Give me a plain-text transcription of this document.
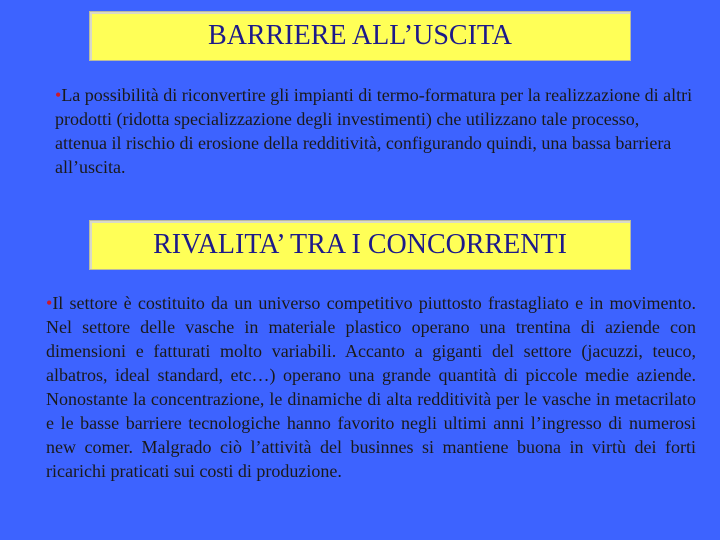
BARRIERE ALL’USCITA

•La possibilità di riconvertire gli impianti di termo-formatura per la realizzazione di altri prodotti (ridotta specializzazione degli investimenti) che utilizzano tale processo, attenua il rischio di erosione della redditività, configurando quindi, una bassa barriera all’uscita.

RIVALITA’ TRA I CONCORRENTI

•Il settore è costituito da un universo competitivo piuttosto frastagliato e in movimento. Nel settore delle vasche in materiale plastico operano una trentina di aziende con dimensioni e fatturati molto variabili. Accanto a giganti del settore (jacuzzi, teuco, albatros, ideal standard, etc…) operano una grande quantità di piccole medie aziende. Nonostante la concentrazione, le dinamiche di alta redditività per le vasche in metacrilato e le basse barriere tecnologiche hanno favorito negli ultimi anni l’ingresso di numerosi new comer. Malgrado ciò l’attività del businnes si mantiene buona in virtù dei forti ricarichi praticati sui costi di produzione.
